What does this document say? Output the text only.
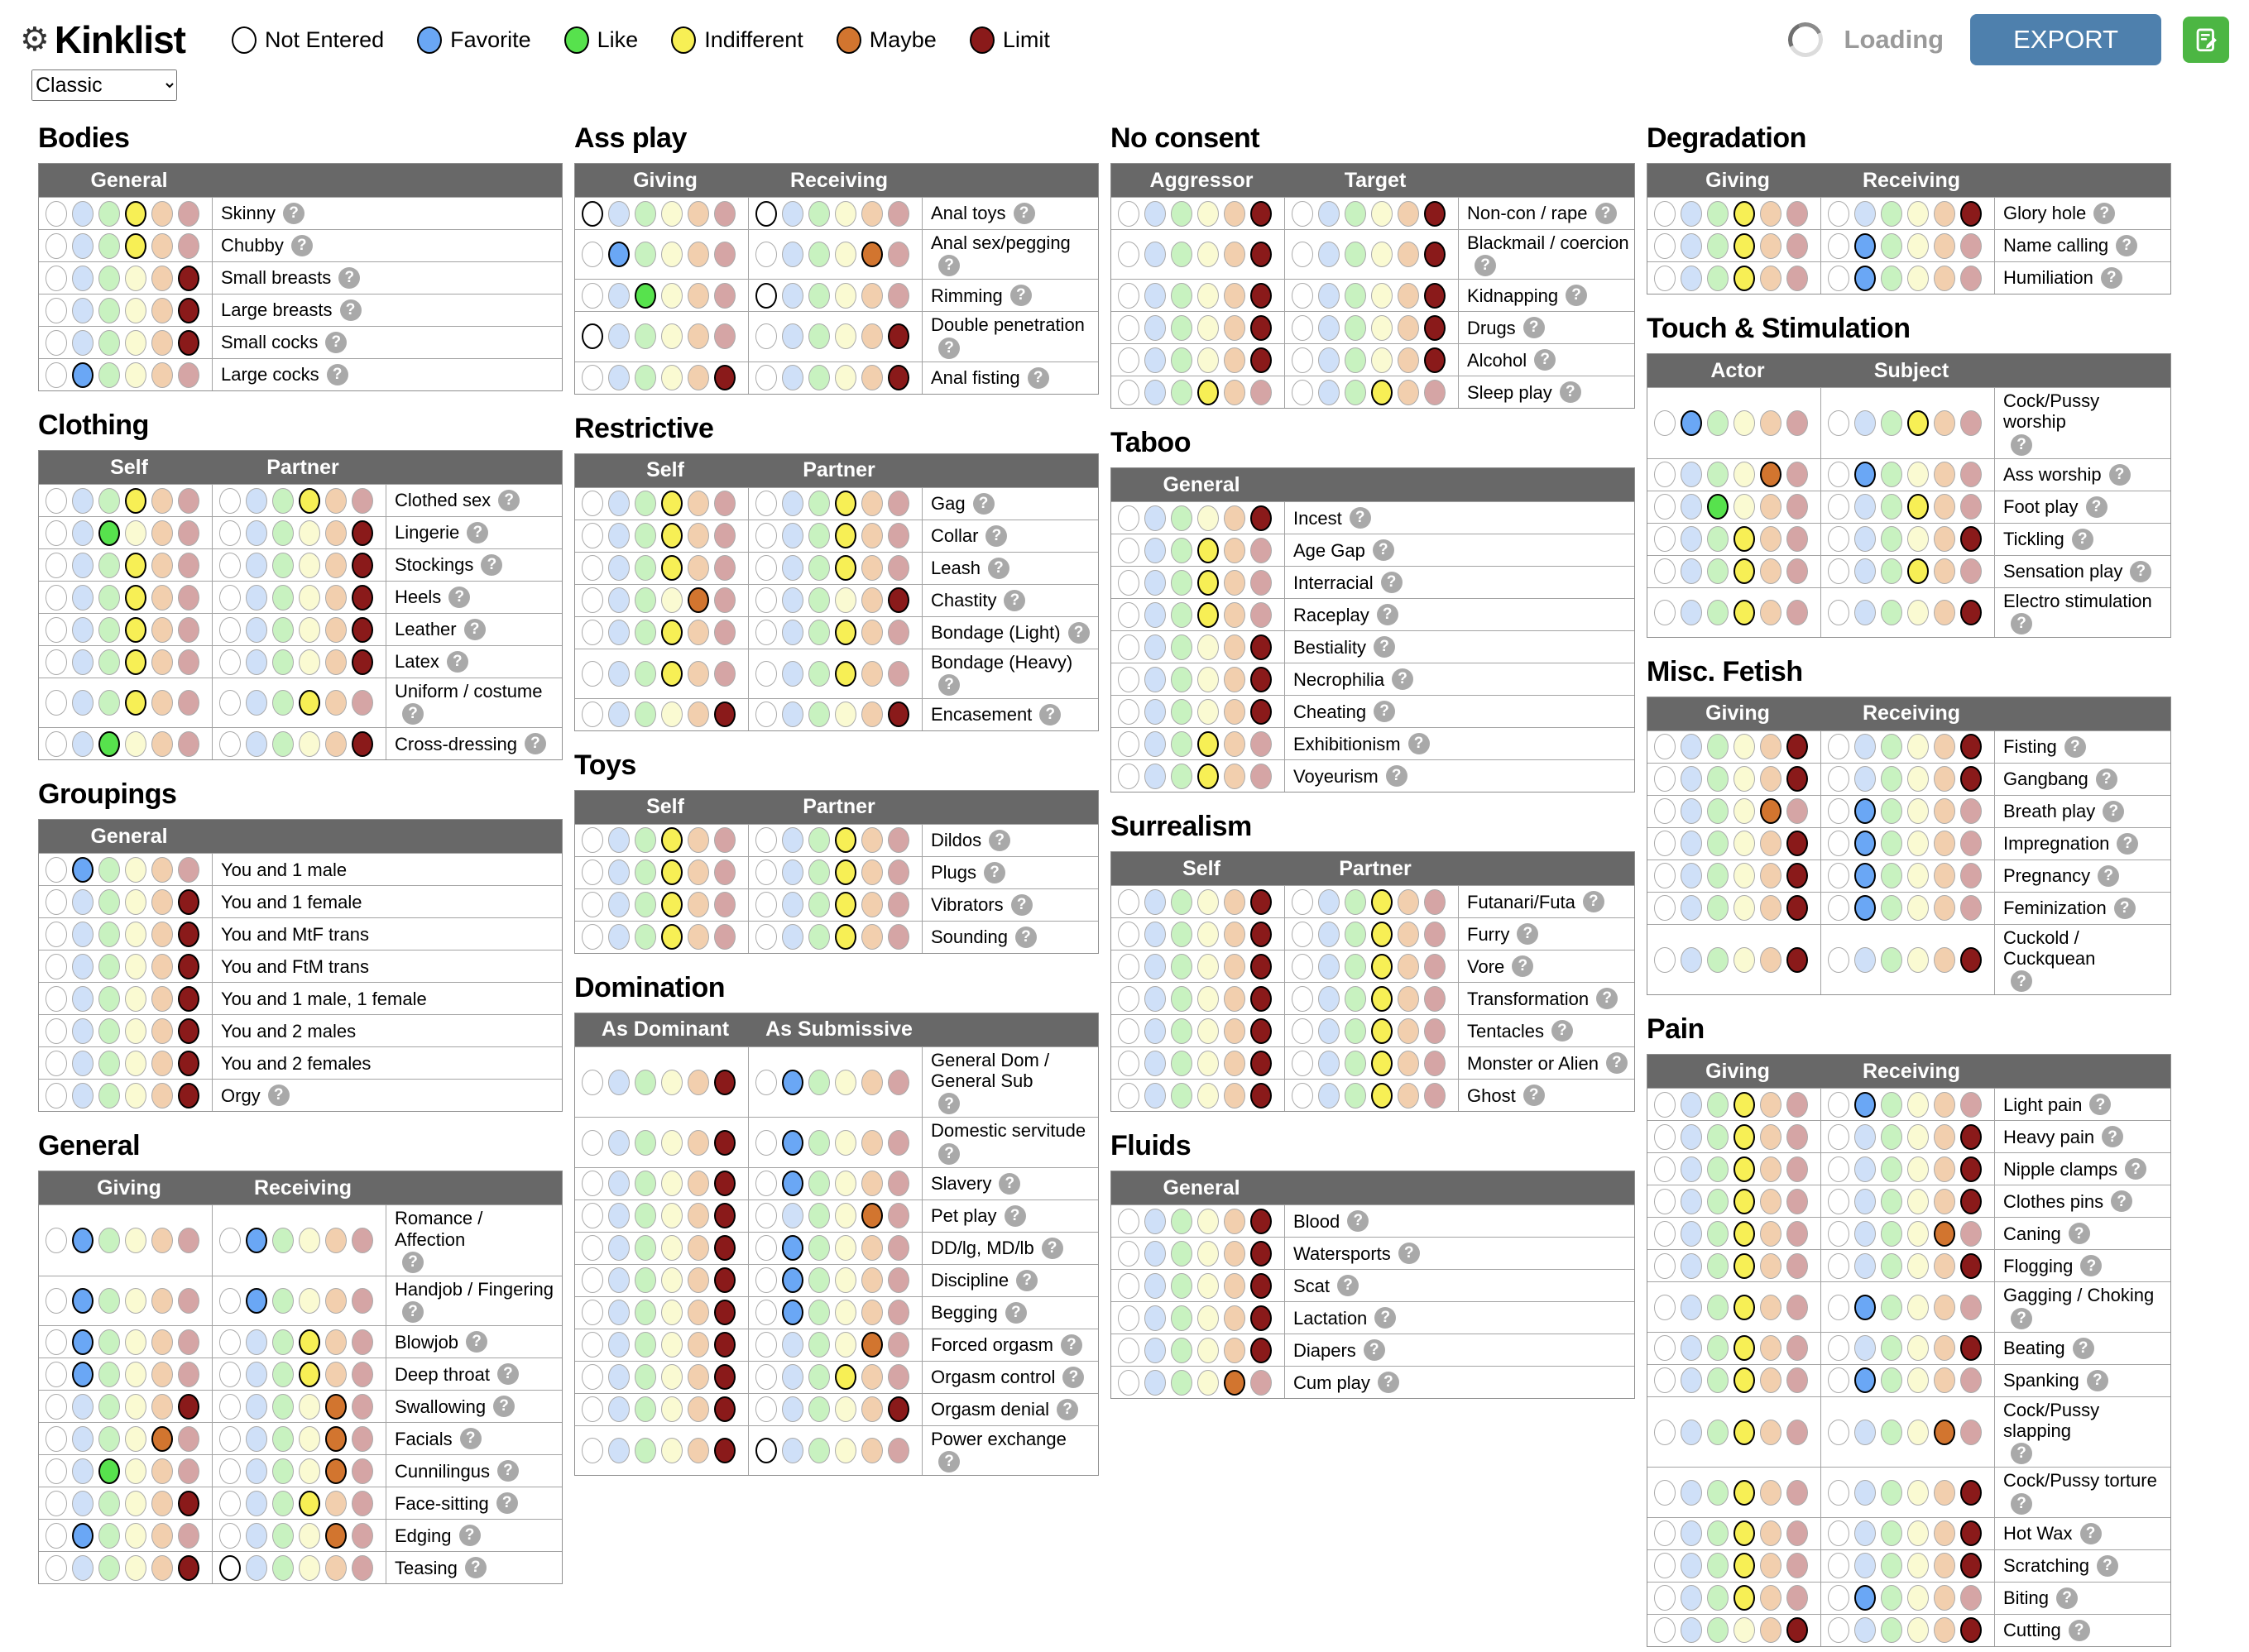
⚙ Kinklist	Not Entered	Favorite	Like	Indifferent	Maybe	Limit	Loading	EXPORT
Classic
Bodies
General
Skinny ?
Chubby ?
Small breasts ?
Large breasts ?
Small cocks ?
Large cocks ?
Clothing
Self	Partner
Clothed sex ?
Lingerie ?
Stockings ?
Heels ?
Leather ?
Latex ?
Uniform / costume
?
Cross-dressing ?
Groupings
General
You and 1 male
You and 1 female
You and MtF trans
You and FtM trans
You and 1 male, 1 female
You and 2 males
You and 2 females
Orgy ?
General
Giving	Receiving
Romance / Affection
?
Handjob / Fingering
?
Blowjob ?
Deep throat ?
Swallowing ?
Facials ?
Cunnilingus ?
Face-sitting ?
Edging ?
Teasing ?
Ass play
Giving	Receiving
Anal toys ?
Anal sex/pegging
?
Rimming ?
Double penetration
?
Anal fisting ?
Restrictive
Self	Partner
Gag ?
Collar ?
Leash ?
Chastity ?
Bondage (Light) ?
Bondage (Heavy)
?
Encasement ?
Toys
Self	Partner
Dildos ?
Plugs ?
Vibrators ?
Sounding ?
Domination
As Dominant	As Submissive
General Dom / General Sub
?
Domestic servitude
?
Slavery ?
Pet play ?
DD/lg, MD/lb ?
Discipline ?
Begging ?
Forced orgasm ?
Orgasm control ?
Orgasm denial ?
Power exchange
?
No consent
Aggressor	Target
Non-con / rape ?
Blackmail / coercion
?
Kidnapping ?
Drugs ?
Alcohol ?
Sleep play ?
Taboo
General
Incest ?
Age Gap ?
Interracial ?
Raceplay ?
Bestiality ?
Necrophilia ?
Cheating ?
Exhibitionism ?
Voyeurism ?
Surrealism
Self	Partner
Futanari/Futa ?
Furry ?
Vore ?
Transformation ?
Tentacles ?
Monster or Alien ?
Ghost ?
Fluids
General
Blood ?
Watersports ?
Scat ?
Lactation ?
Diapers ?
Cum play ?
Degradation
Giving	Receiving
Glory hole ?
Name calling ?
Humiliation ?
Touch & Stimulation
Actor	Subject
Cock/Pussy worship
?
Ass worship ?
Foot play ?
Tickling ?
Sensation play ?
Electro stimulation
?
Misc. Fetish
Giving	Receiving
Fisting ?
Gangbang ?
Breath play ?
Impregnation ?
Pregnancy ?
Feminization ?
Cuckold / Cuckquean
?
Pain
Giving	Receiving
Light pain ?
Heavy pain ?
Nipple clamps ?
Clothes pins ?
Caning ?
Flogging ?
Gagging / Choking
?
Beating ?
Spanking ?
Cock/Pussy slapping
?
Cock/Pussy torture
?
Hot Wax ?
Scratching ?
Biting ?
Cutting ?
